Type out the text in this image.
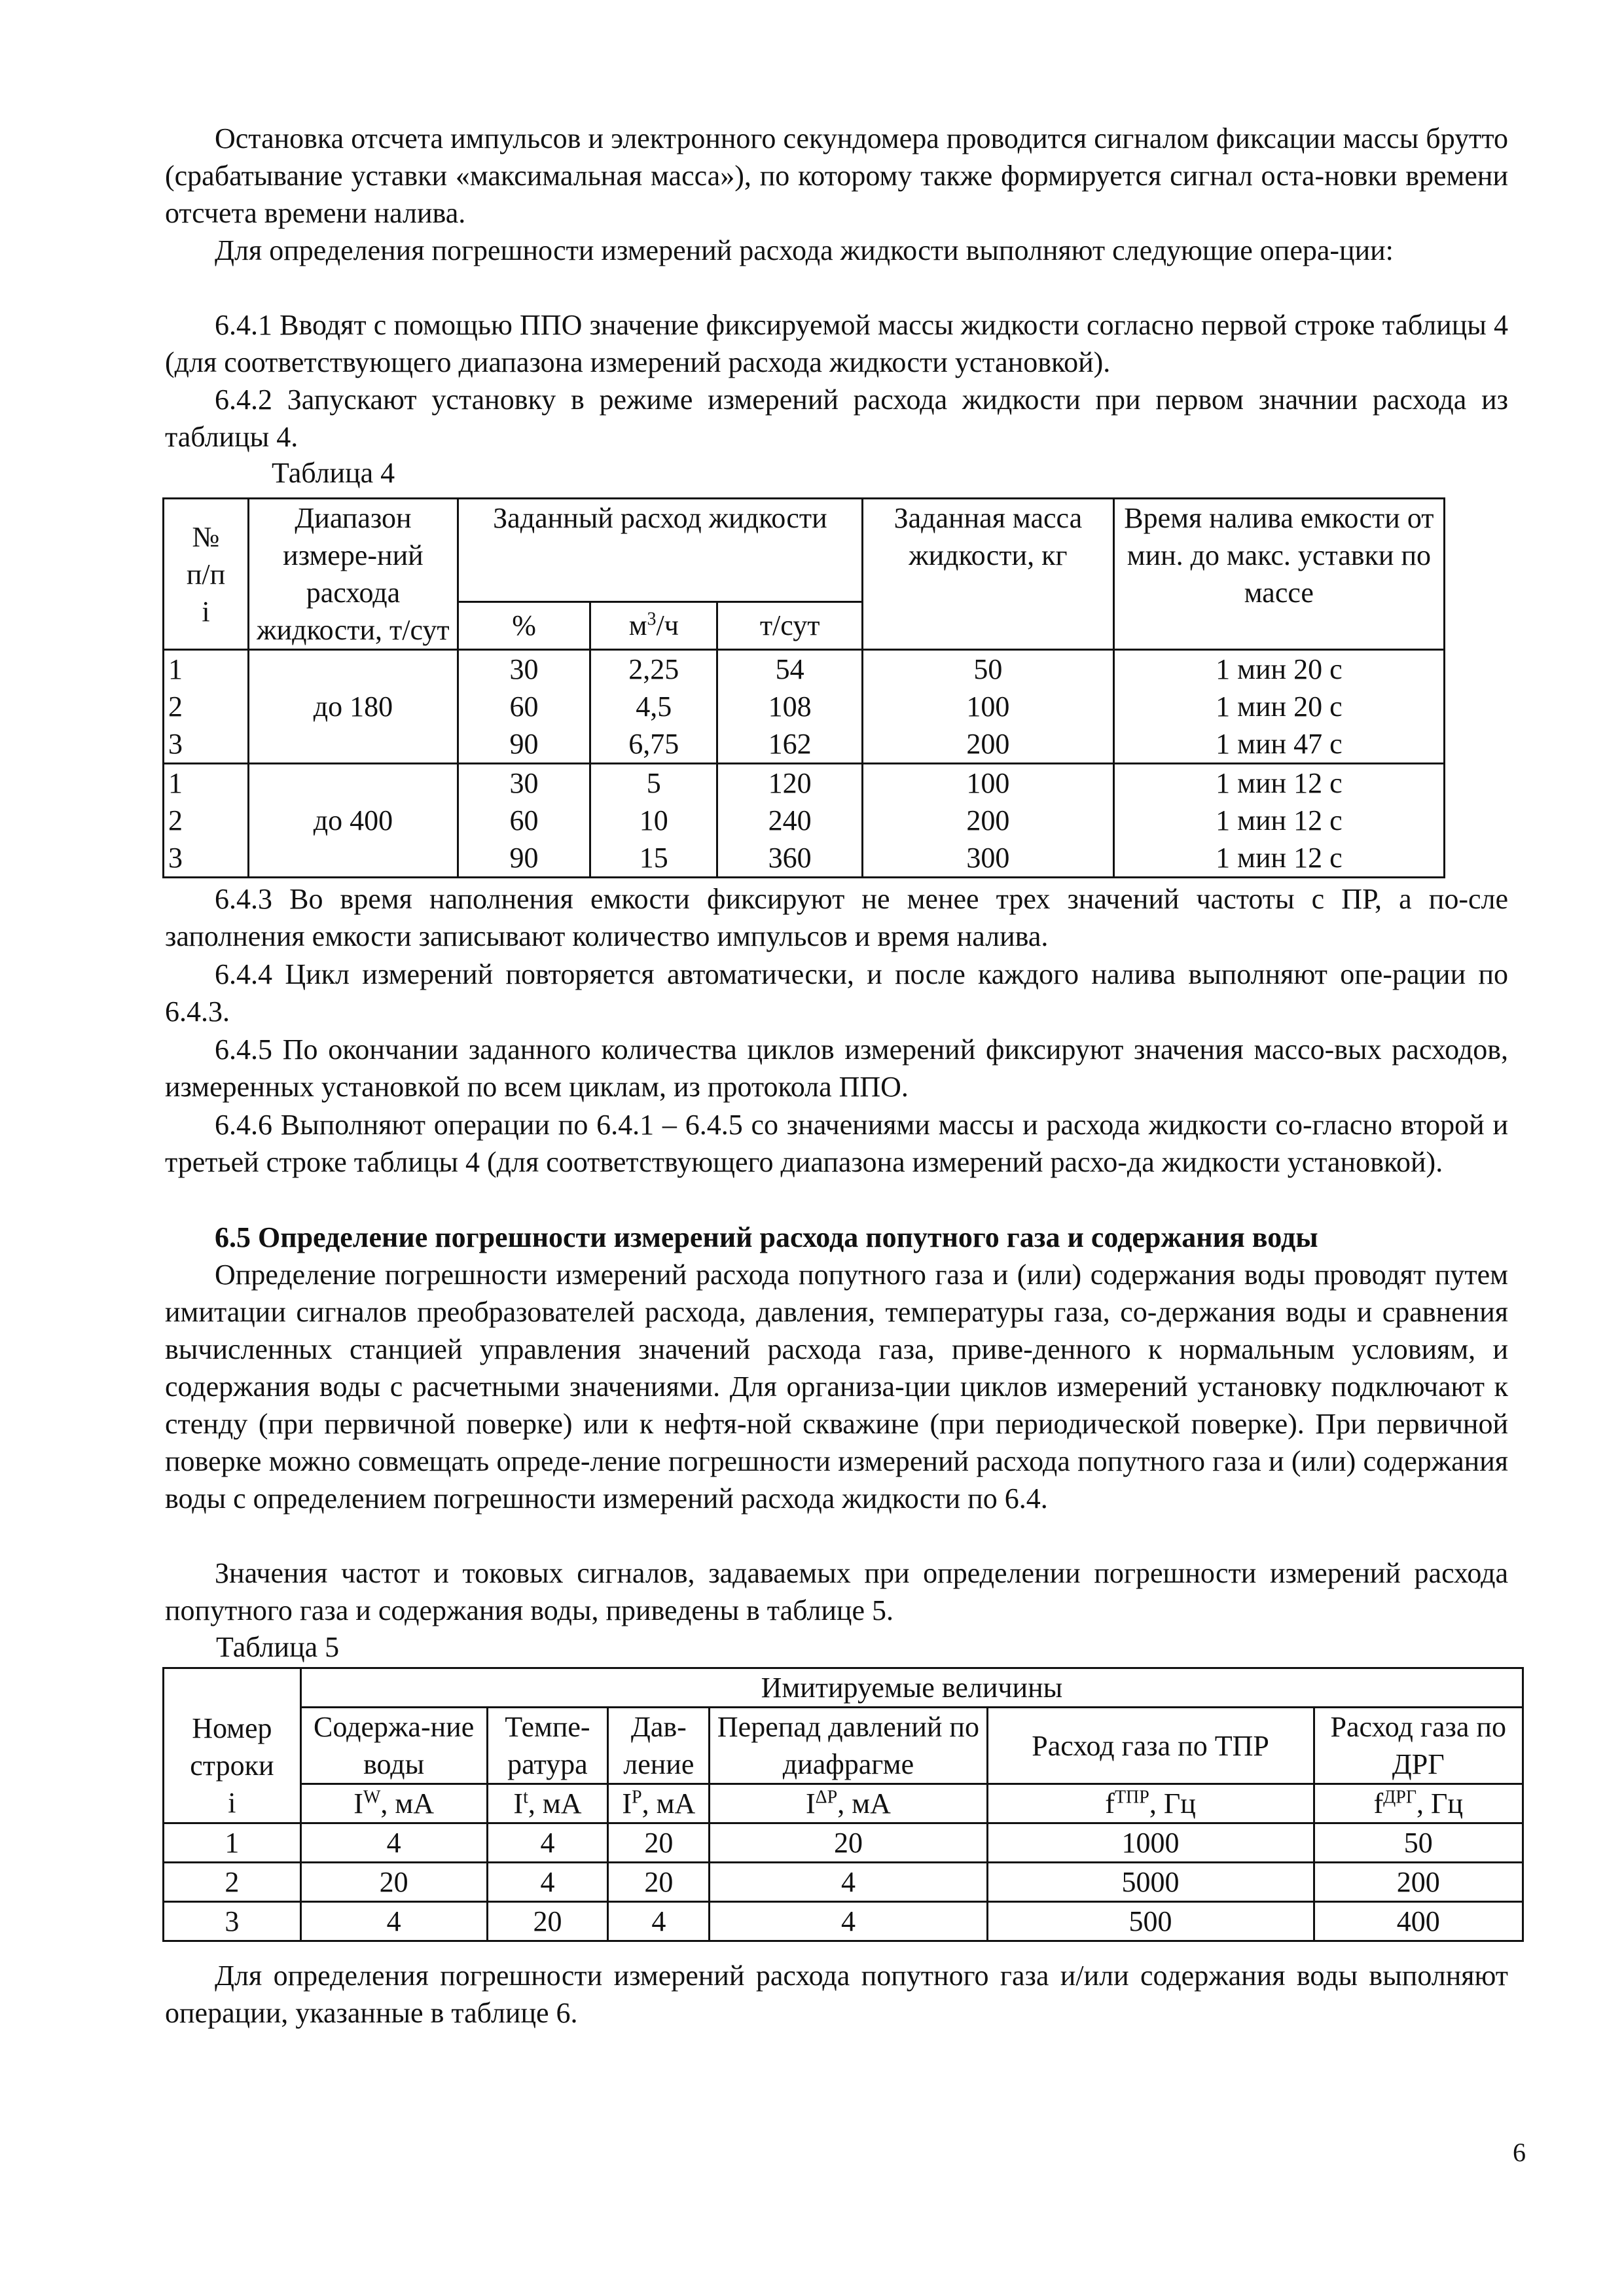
Остановка отсчета импульсов и электронного секундомера проводится сигналом фиксации массы брутто (срабатывание уставки «максимальная масса»), по которому также формируется сигнал оста-новки времени отсчета времени налива.

Для определения погрешности измерений расхода жидкости выполняют следующие опера-ции:

6.4.1 Вводят с помощью ППО значение фиксируемой массы жидкости согласно первой строке таблицы 4 (для соответствующего диапазона измерений расхода жидкости установкой).

6.4.2 Запускают установку в режиме измерений расхода жидкости при первом значнии расхода из таблицы 4.

Таблица 4

№
п/п
i	Диапазон измере-ний расхода жидкости, т/сут	Заданный расход жидкости			Заданная масса жидкости, кг	Время налива емкости от мин. до макс. уставки по массе
		%	$м^3/ч$	т/сут		
1	до 180	30	2,25	54	50	1 мин 20 с
2		60	4,5	108	100	1 мин 20 с
3		90	6,75	162	200	1 мин 47 с
1	до 400	30	5	120	100	1 мин 12 с
2		60	10	240	200	1 мин 12 с
3		90	15	360	300	1 мин 12 с

6.4.3 Во время наполнения емкости фиксируют не менее трех значений частоты с ПР, а по-сле заполнения емкости записывают количество импульсов и время налива.

6.4.4 Цикл измерений повторяется автоматически, и после каждого налива выполняют опе-рации по 6.4.3.

6.4.5 По окончании заданного количества циклов измерений фиксируют значения массо-вых расходов, измеренных установкой по всем циклам, из протокола ППО.

6.4.6 Выполняют операции по 6.4.1 – 6.4.5 со значениями массы и расхода жидкости со-гласно второй и третьей строке таблицы 4 (для соответствующего диапазона измерений расхо-да жидкости установкой).

6.5 Определение погрешности измерений расхода попутного газа и содержания воды

Определение погрешности измерений расхода попутного газа и (или) содержания воды проводят путем имитации сигналов преобразователей расхода, давления, температуры газа, со-держания воды и сравнения вычисленных станцией управления значений расхода газа, приве-денного к нормальным условиям, и содержания воды с расчетными значениями. Для организа-ции циклов измерений установку подключают к стенду (при первичной поверке) или к нефтя-ной скважине (при периодической поверке). При первичной поверке можно совмещать опреде-ление погрешности измерений расхода попутного газа и (или) содержания воды с определением погрешности измерений расхода жидкости по 6.4.

Значения частот и токовых сигналов, задаваемых при определении погрешности измерений расхода попутного газа и содержания воды, приведены в таблице 5.

Таблица 5

Номер строки	Имитируемые величины					
	Содержа-ние воды	Темпе-ратура	Дав-ление	Перепад давлений по диафрагме	Расход газа по ТПР	Расход газа по ДРГ
i	$I^W$, мА	$I^t$, мА	$I^P$, мА	$I^{\Delta P}$, мА	$f^{ТПР}$, Гц	$f^{ДРГ}$, Гц
1	4	4	20	20	1000	50
2	20	4	20	4	5000	200
3	4	20	4	4	500	400

Для определения погрешности измерений расхода попутного газа и/или содержания воды выполняют операции, указанные в таблице 6.

6
